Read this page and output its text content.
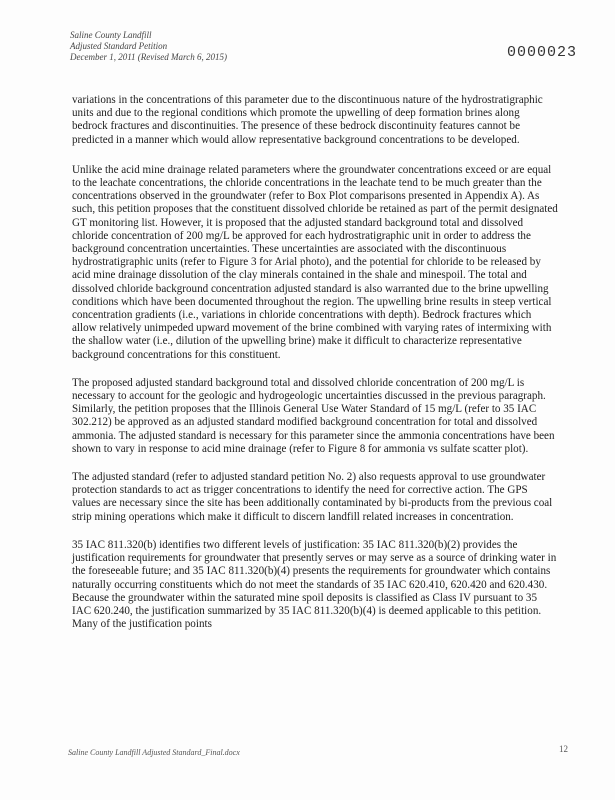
Saline County Landfill
Adjusted Standard Petition
December 1, 2011 (Revised March 6, 2015)	0000023

variations in the concentrations of this parameter due to the discontinuous nature of the hydrostratigraphic units and due to the regional conditions which promote the upwelling of deep formation brines along bedrock fractures and discontinuities. The presence of these bedrock discontinuity features cannot be predicted in a manner which would allow representative background concentrations to be developed.

Unlike the acid mine drainage related parameters where the groundwater concentrations exceed or are equal to the leachate concentrations, the chloride concentrations in the leachate tend to be much greater than the concentrations observed in the groundwater (refer to Box Plot comparisons presented in Appendix A). As such, this petition proposes that the constituent dissolved chloride be retained as part of the permit designated GT monitoring list. However, it is proposed that the adjusted standard background total and dissolved chloride concentration of 200 mg/L be approved for each hydrostratigraphic unit in order to address the background concentration uncertainties. These uncertainties are associated with the discontinuous hydrostratigraphic units (refer to Figure 3 for Arial photo), and the potential for chloride to be released by acid mine drainage dissolution of the clay minerals contained in the shale and minespoil. The total and dissolved chloride background concentration adjusted standard is also warranted due to the brine upwelling conditions which have been documented throughout the region. The upwelling brine results in steep vertical concentration gradients (i.e., variations in chloride concentrations with depth). Bedrock fractures which allow relatively unimpeded upward movement of the brine combined with varying rates of intermixing with the shallow water (i.e., dilution of the upwelling brine) make it difficult to characterize representative background concentrations for this constituent.

The proposed adjusted standard background total and dissolved chloride concentration of 200 mg/L is necessary to account for the geologic and hydrogeologic uncertainties discussed in the previous paragraph. Similarly, the petition proposes that the Illinois General Use Water Standard of 15 mg/L (refer to 35 IAC 302.212) be approved as an adjusted standard modified background concentration for total and dissolved ammonia. The adjusted standard is necessary for this parameter since the ammonia concentrations have been shown to vary in response to acid mine drainage (refer to Figure 8 for ammonia vs sulfate scatter plot).

The adjusted standard (refer to adjusted standard petition No. 2) also requests approval to use groundwater protection standards to act as trigger concentrations to identify the need for corrective action. The GPS values are necessary since the site has been additionally contaminated by bi-products from the previous coal strip mining operations which make it difficult to discern landfill related increases in concentration.

35 IAC 811.320(b) identifies two different levels of justification: 35 IAC 811.320(b)(2) provides the justification requirements for groundwater that presently serves or may serve as a source of drinking water in the foreseeable future; and 35 IAC 811.320(b)(4) presents the requirements for groundwater which contains naturally occurring constituents which do not meet the standards of 35 IAC 620.410, 620.420 and 620.430. Because the groundwater within the saturated mine spoil deposits is classified as Class IV pursuant to 35 IAC 620.240, the justification summarized by 35 IAC 811.320(b)(4) is deemed applicable to this petition. Many of the justification points

Saline County Landfill Adjusted Standard_Final.docx	12
